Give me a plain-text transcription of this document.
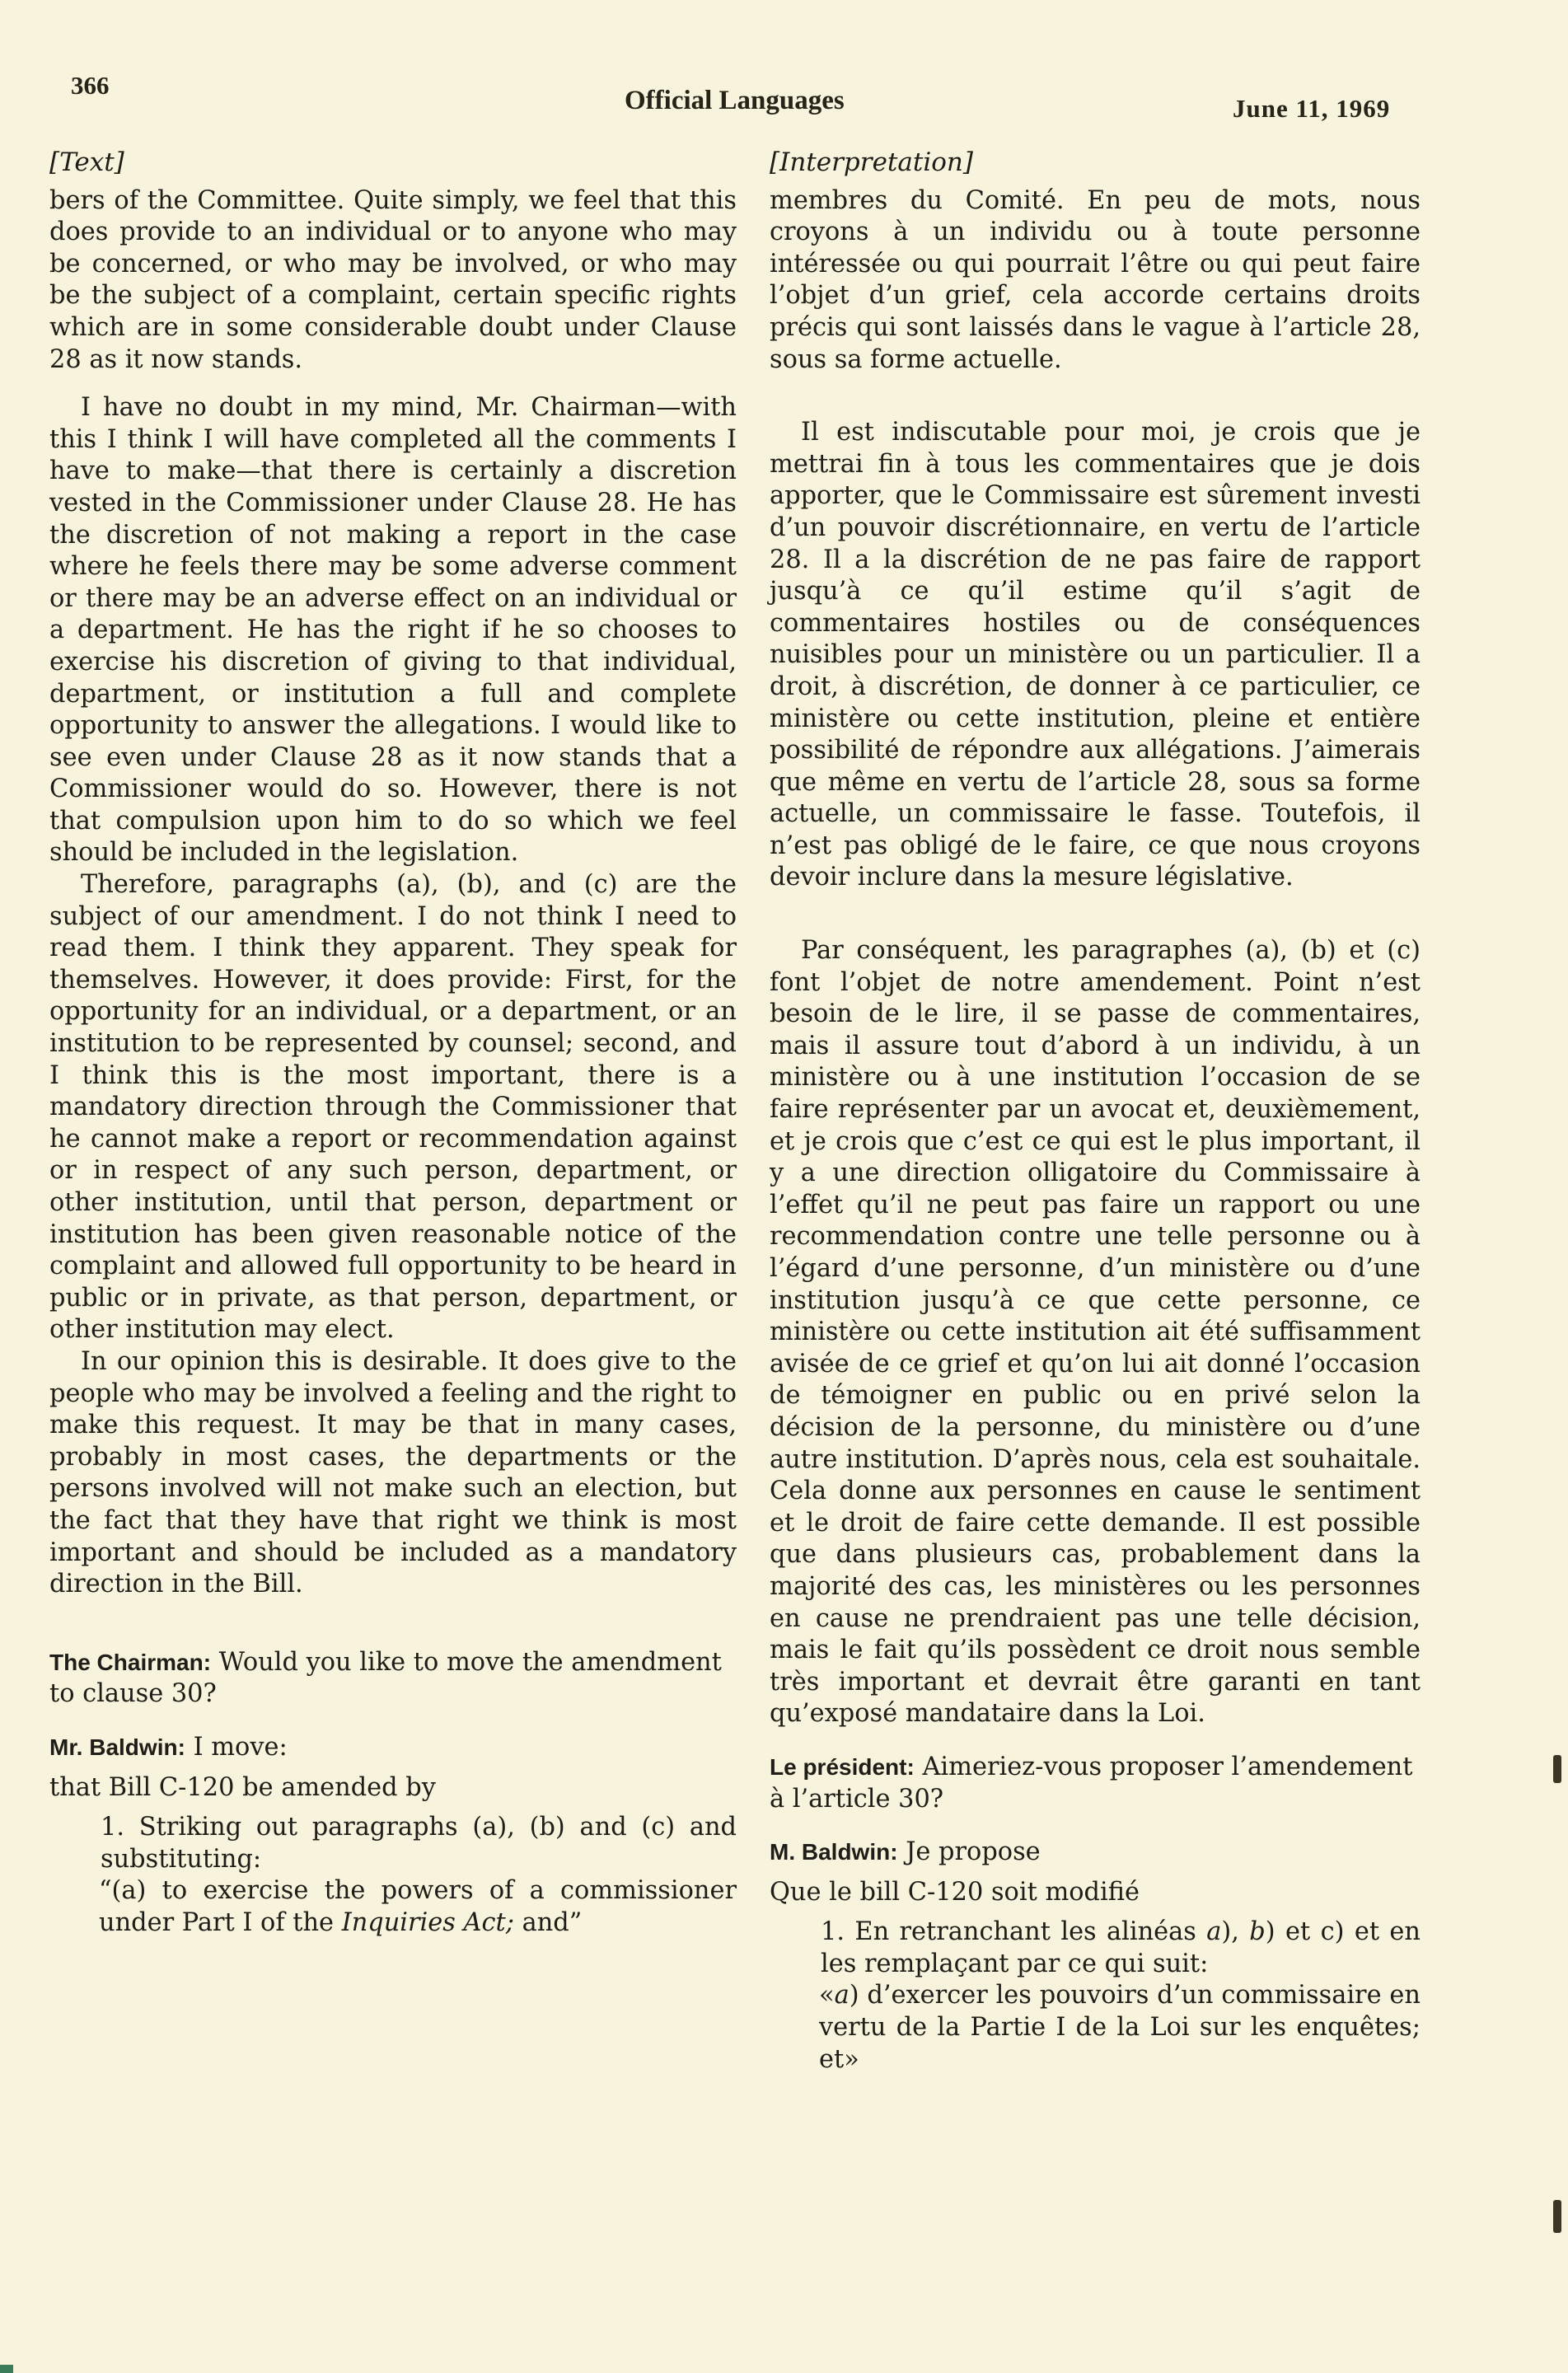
366
Official Languages	June 11, 1969
[Text]

bers of the Committee. Quite simply, we feel that this does provide to an individual or to anyone who may be concerned, or who may be involved, or who may be the subject of a complaint, certain specific rights which are in some considerable doubt under Clause 28 as it now stands.

I have no doubt in my mind, Mr. Chairman—with this I think I will have completed all the comments I have to make—that there is certainly a discretion vested in the Commissioner under Clause 28. He has the discretion of not making a report in the case where he feels there may be some adverse comment or there may be an adverse effect on an individual or a department. He has the right if he so chooses to exercise his discretion of giving to that individual, department, or institution a full and complete opportunity to answer the allegations. I would like to see even under Clause 28 as it now stands that a Commissioner would do so. However, there is not that compulsion upon him to do so which we feel should be included in the legislation.

Therefore, paragraphs (a), (b), and (c) are the subject of our amendment. I do not think I need to read them. I think they apparent. They speak for themselves. However, it does provide: First, for the opportunity for an individual, or a department, or an institution to be represented by counsel; second, and I think this is the most important, there is a mandatory direction through the Commissioner that he cannot make a report or recommendation against or in respect of any such person, department, or other institution, until that person, department or institution has been given reasonable notice of the complaint and allowed full opportunity to be heard in public or in private, as that person, department, or other institution may elect.

In our opinion this is desirable. It does give to the people who may be involved a feeling and the right to make this request. It may be that in many cases, probably in most cases, the departments or the persons involved will not make such an election, but the fact that they have that right we think is most important and should be included as a mandatory direction in the Bill.

The Chairman: Would you like to move the amendment to clause 30?

Mr. Baldwin: I move:

that Bill C-120 be amended by

1. Striking out paragraphs (a), (b) and (c) and substituting:

“(a) to exercise the powers of a commissioner under Part I of the Inquiries Act; and”

[Interpretation]

membres du Comité. En peu de mots, nous croyons à un individu ou à toute personne intéressée ou qui pourrait l’être ou qui peut faire l’objet d’un grief, cela accorde certains droits précis qui sont laissés dans le vague à l’article 28, sous sa forme actuelle.

Il est indiscutable pour moi, je crois que je mettrai fin à tous les commentaires que je dois apporter, que le Commissaire est sûrement investi d’un pouvoir discrétionnaire, en vertu de l’article 28. Il a la discrétion de ne pas faire de rapport jusqu’à ce qu’il estime qu’il s’agit de commentaires hostiles ou de conséquences nuisibles pour un ministère ou un particulier. Il a droit, à discrétion, de donner à ce particulier, ce ministère ou cette institution, pleine et entière possibilité de répondre aux allégations. J’aimerais que même en vertu de l’article 28, sous sa forme actuelle, un commissaire le fasse. Toutefois, il n’est pas obligé de le faire, ce que nous croyons devoir inclure dans la mesure législative.

Par conséquent, les paragraphes (a), (b) et (c) font l’objet de notre amendement. Point n’est besoin de le lire, il se passe de commentaires, mais il assure tout d’abord à un individu, à un ministère ou à une institution l’occasion de se faire représenter par un avocat et, deuxièmement, et je crois que c’est ce qui est le plus important, il y a une direction olligatoire du Commissaire à l’effet qu’il ne peut pas faire un rapport ou une recommendation contre une telle personne ou à l’égard d’une personne, d’un ministère ou d’une institution jusqu’à ce que cette personne, ce ministère ou cette institution ait été suffisamment avisée de ce grief et qu’on lui ait donné l’occasion de témoigner en public ou en privé selon la décision de la personne, du ministère ou d’une autre institution. D’après nous, cela est souhaitale. Cela donne aux personnes en cause le sentiment et le droit de faire cette demande. Il est possible que dans plusieurs cas, probablement dans la majorité des cas, les ministères ou les personnes en cause ne prendraient pas une telle décision, mais le fait qu’ils possèdent ce droit nous semble très important et devrait être garanti en tant qu’exposé mandataire dans la Loi.

Le président: Aimeriez-vous proposer l’amendement à l’article 30?

M. Baldwin: Je propose

Que le bill C-120 soit modifié

1. En retranchant les alinéas a), b) et c) et en les remplaçant par ce qui suit:

«a) d’exercer les pouvoirs d’un commissaire en vertu de la Partie I de la Loi sur les enquêtes; et»
